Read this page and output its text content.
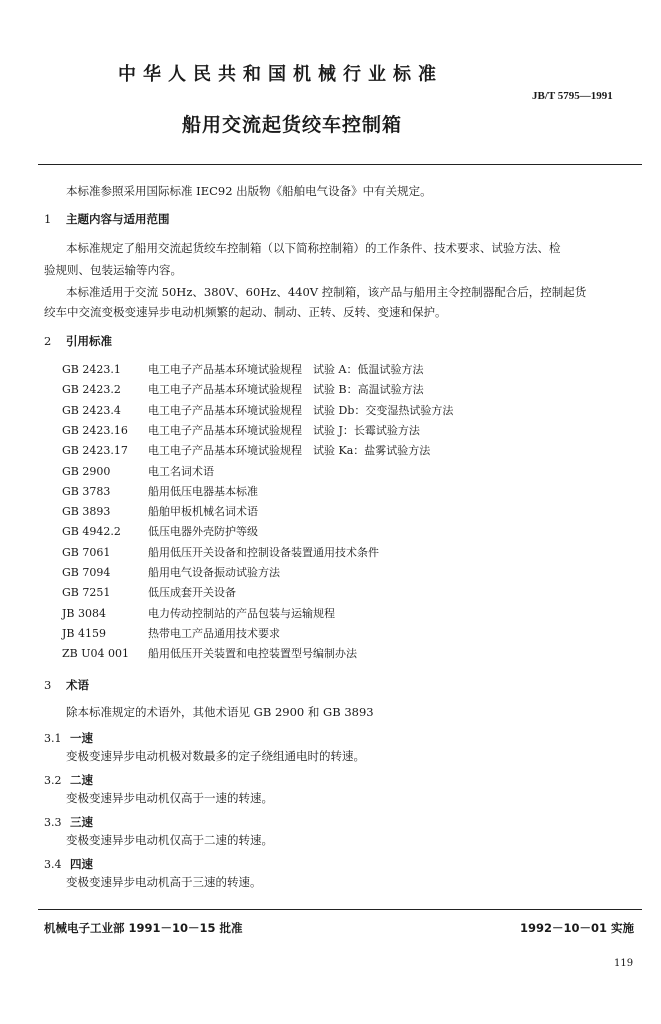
中华人民共和国机械行业标准
JB/T 5795—1991
船用交流起货绞车控制箱
本标准参照采用国际标准 IEC92 出版物《船舶电气设备》中有关规定。
1 主题内容与适用范围
本标准规定了船用交流起货绞车控制箱（以下简称控制箱）的工作条件、技术要求、试验方法、检
验规则、包装运输等内容。
本标准适用于交流 50Hz、380V、60Hz、440V 控制箱，该产品与船用主令控制器配合后，控制起货
绞车中交流变极变速异步电动机频繁的起动、制动、正转、反转、变速和保护。
2 引用标准
GB 2423.1 电工电子产品基本环境试验规程　试验 A：低温试验方法
GB 2423.2 电工电子产品基本环境试验规程　试验 B：高温试验方法
GB 2423.4 电工电子产品基本环境试验规程　试验 Db：交变湿热试验方法
GB 2423.16 电工电子产品基本环境试验规程　试验 J：长霉试验方法
GB 2423.17 电工电子产品基本环境试验规程　试验 Ka：盐雾试验方法
GB 2900	电工名词术语
GB 3783	船用低压电器基本标准
GB 3893	船舶甲板机械名词术语
GB 4942.2 低压电器外壳防护等级
GB 7061	船用低压开关设备和控制设备装置通用技术条件
GB 7094	船用电气设备振动试验方法
GB 7251	低压成套开关设备
JB 3084	电力传动控制站的产品包装与运输规程
JB 4159	热带电工产品通用技术要求
ZB U04 001 船用低压开关装置和电控装置型号编制办法
3 术语
除本标准规定的术语外，其他术语见 GB 2900 和 GB 3893
3.1 一速
变极变速异步电动机极对数最多的定子绕组通电时的转速。
3.2 二速
变极变速异步电动机仅高于一速的转速。
3.3 三速
变极变速异步电动机仅高于二速的转速。
3.4 四速
变极变速异步电动机高于三速的转速。
机械电子工业部 1991－10－15 批准	1992－10－01 实施
119
